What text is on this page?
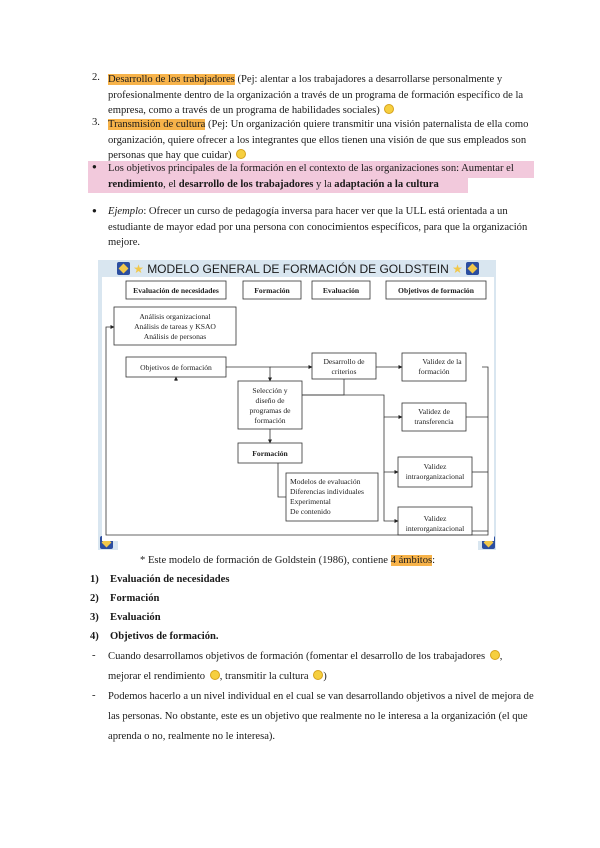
2. Desarrollo de los trabajadores (Pej: alentar a los trabajadores a desarrollarse personalmente y profesionalmente dentro de la organización a través de un programa de formación específico de la empresa, como a través de un programa de habilidades sociales)
3. Transmisión de cultura (Pej: Un organización quiere transmitir una visión paternalista de ella como organización, quiere ofrecer a los integrantes que ellos tienen una visión de que sus empleados son personas que hay que cuidar)
● Los objetivos principales de la formación en el contexto de las organizaciones son: Aumentar el rendimiento, el desarrollo de los trabajadores y la adaptación a la cultura
● Ejemplo: Ofrecer un curso de pedagogía inversa para hacer ver que la ULL está orientada a un estudiante de mayor edad por una persona con conocimientos específicos, para que la organización mejore.
★ MODELO GENERAL DE FORMACIÓN DE GOLDSTEIN ★
Evaluación de necesidades	Formación	Evaluación	Objetivos de formación
Análisis organizacional
Análisis de tareas y KSAO
Análisis de personas
Objetivos de formación
Desarrollo de
criterios
Selección y
diseño de
programas de
formación
Formación
Validez de la
formación
Validez de
transferencia
Validez
intraorganizacional
Validez
interorganizacional
Modelos de evaluación
Diferencias individuales
Experimental
De contenido
* Este modelo de formación de Goldstein (1986), contiene 4 ámbitos:
1) Evaluación de necesidades
2) Formación
3) Evaluación
4) Objetivos de formación.
- Cuando desarrollamos objetivos de formación (fomentar el desarrollo de los trabajadores , mejorar el rendimiento , transmitir la cultura )
- Podemos hacerlo a un nivel individual en el cual se van desarrollando objetivos a nivel de mejora de las personas. No obstante, este es un objetivo que realmente no le interesa a la organización (el que aprenda o no, realmente no le interesa).
